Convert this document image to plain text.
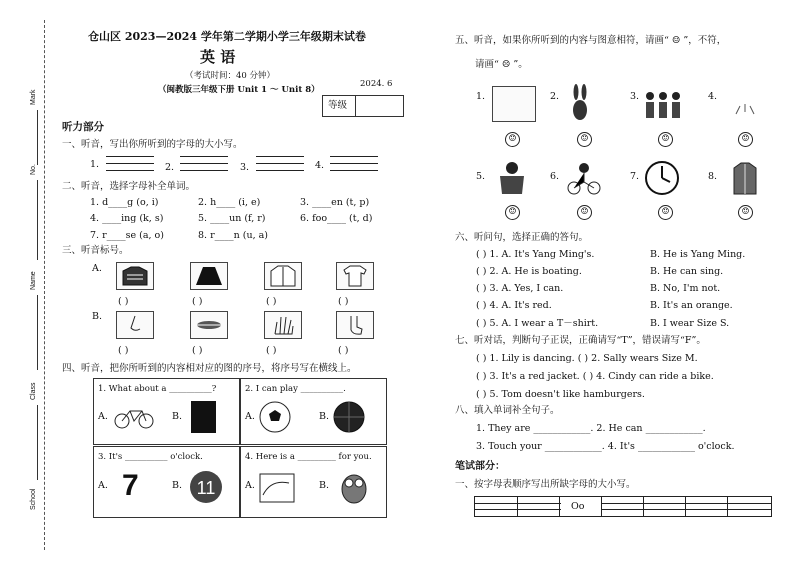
Mark
No.
Name
Class
School
仓山区 2023—2024 学年第二学期小学三年级期末试卷
英 语
（考试时间：40 分钟）
（闽教版三年级下册 Unit 1 ～ Unit 8）
2024. 6
等级
听力部分
一、听音，写出你所听到的字母的大小写。
1.	2.	3.	4.
二、听音，选择字母补全单词。
1. d____g (o, i)	2. h____ (i, e)	3. ____en (t, p)
4. ____ing (k, s)	5. ____un (f, r)	6. foo____ (t, d)
7. r____se (a, o)	8. r____n (u, a)
三、听音标号。
A.
B.
( )	( )	( )	( )
( )	( )	( )	( )
四、听音，把你所听到的内容相对应的图的序号，将序号写在横线上。
1. What about a __________?
A.	B.
2. I can play __________.
A.	B.
3. It's __________ o'clock.
A. 7	B. 11
4. Here is a _________ for you.
A.	B.
五、听音，如果你所听到的内容与图意相符，请画“ ☺ ”，不符，
请画“ ☹ ”。
1.	2.	3.	4.
☺	☺	☺	☺
5.	6.	7.	8.
☺	☺	☺	☺
六、听问句，选择正确的答句。
( ) 1. A. It's Yang Ming's.	B. He is Yang Ming.
( ) 2. A. He is boating.	B. He can sing.
( ) 3. A. Yes, I can.	B. No, I'm not.
( ) 4. A. It's red.	B. It's an orange.
( ) 5. A. I wear a T－shirt.	B. I wear Size S.
七、听对话，判断句子正误，正确请写“T”，错误请写“F”。
( ) 1. Lily is dancing. ( ) 2. Sally wears Size M.
( ) 3. It's a red jacket. ( ) 4. Cindy can ride a bike.
( ) 5. Tom doesn't like hamburgers.
八、填入单词补全句子。
1. They are ____________. 2. He can ____________.
3. Touch your ____________. 4. It's ____________ o'clock.
笔试部分：
一、按字母表顺序写出所缺字母的大小写。
Oo
